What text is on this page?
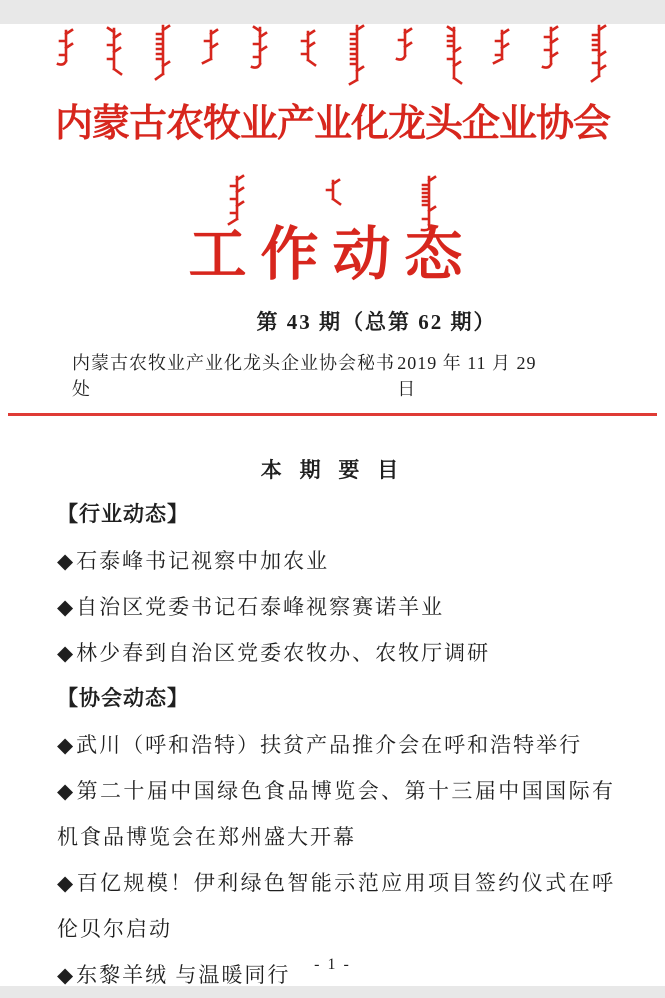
内蒙古农牧业产业化龙头企业协会
工作动态
第 43 期（总第 62 期）
内蒙古农牧业产业化龙头企业协会秘书处
2019 年 11 月 29 日
本 期 要 目
【行业动态】
◆石泰峰书记视察中加农业
◆自治区党委书记石泰峰视察赛诺羊业
◆林少春到自治区党委农牧办、农牧厅调研
【协会动态】
◆武川（呼和浩特）扶贫产品推介会在呼和浩特举行
◆第二十届中国绿色食品博览会、第十三届中国国际有机食品博览会在郑州盛大开幕
◆百亿规模！伊利绿色智能示范应用项目签约仪式在呼伦贝尔启动
◆东黎羊绒 与温暖同行	- 1 -
